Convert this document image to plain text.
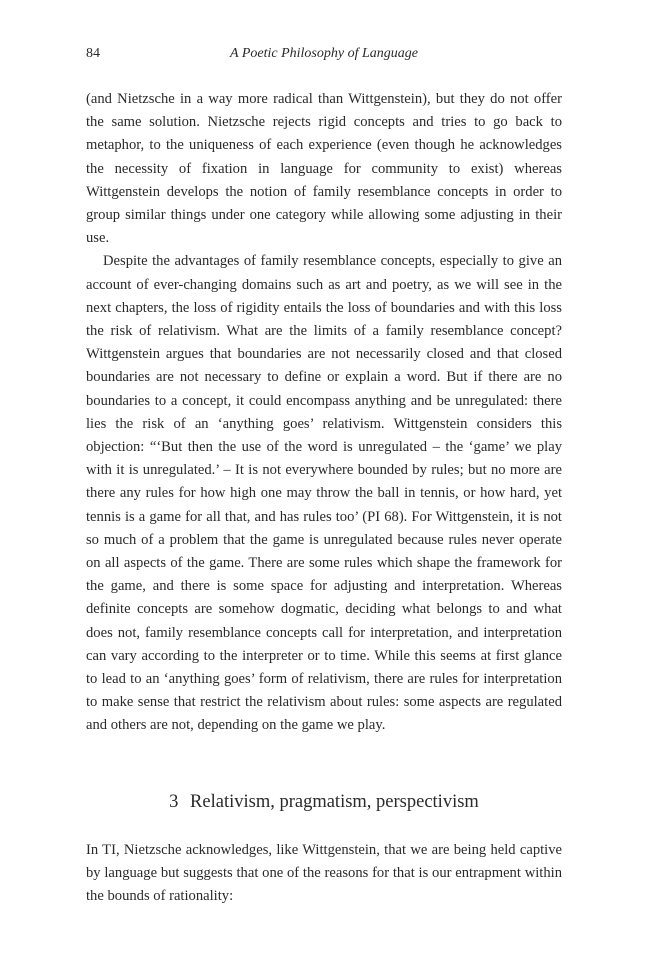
84	A Poetic Philosophy of Language

(and Nietzsche in a way more radical than Wittgenstein), but they do not offer the same solution. Nietzsche rejects rigid concepts and tries to go back to metaphor, to the uniqueness of each experience (even though he acknowledges the necessity of fixation in language for community to exist) whereas Wittgenstein develops the notion of family resemblance concepts in order to group similar things under one category while allowing some adjusting in their use.

Despite the advantages of family resemblance concepts, especially to give an account of ever-changing domains such as art and poetry, as we will see in the next chapters, the loss of rigidity entails the loss of boundaries and with this loss the risk of relativism. What are the limits of a family resemblance concept? Wittgenstein argues that boundaries are not necessarily closed and that closed boundaries are not necessary to define or explain a word. But if there are no boundaries to a concept, it could encompass anything and be unregulated: there lies the risk of an ‘anything goes’ relativism. Wittgenstein considers this objection: “‘But then the use of the word is unregulated – the ‘game’ we play with it is unregulated.’ – It is not everywhere bounded by rules; but no more are there any rules for how high one may throw the ball in tennis, or how hard, yet tennis is a game for all that, and has rules too’ (PI 68). For Wittgenstein, it is not so much of a problem that the game is unregulated because rules never operate on all aspects of the game. There are some rules which shape the framework for the game, and there is some space for adjusting and interpretation. Whereas definite concepts are somehow dogmatic, deciding what belongs to and what does not, family resemblance concepts call for interpretation, and interpretation can vary according to the interpreter or to time. While this seems at first glance to lead to an ‘anything goes’ form of relativism, there are rules for interpretation to make sense that restrict the relativism about rules: some aspects are regulated and others are not, depending on the game we play.

3 Relativism, pragmatism, perspectivism

In TI, Nietzsche acknowledges, like Wittgenstein, that we are being held captive by language but suggests that one of the reasons for that is our entrapment within the bounds of rationality:
